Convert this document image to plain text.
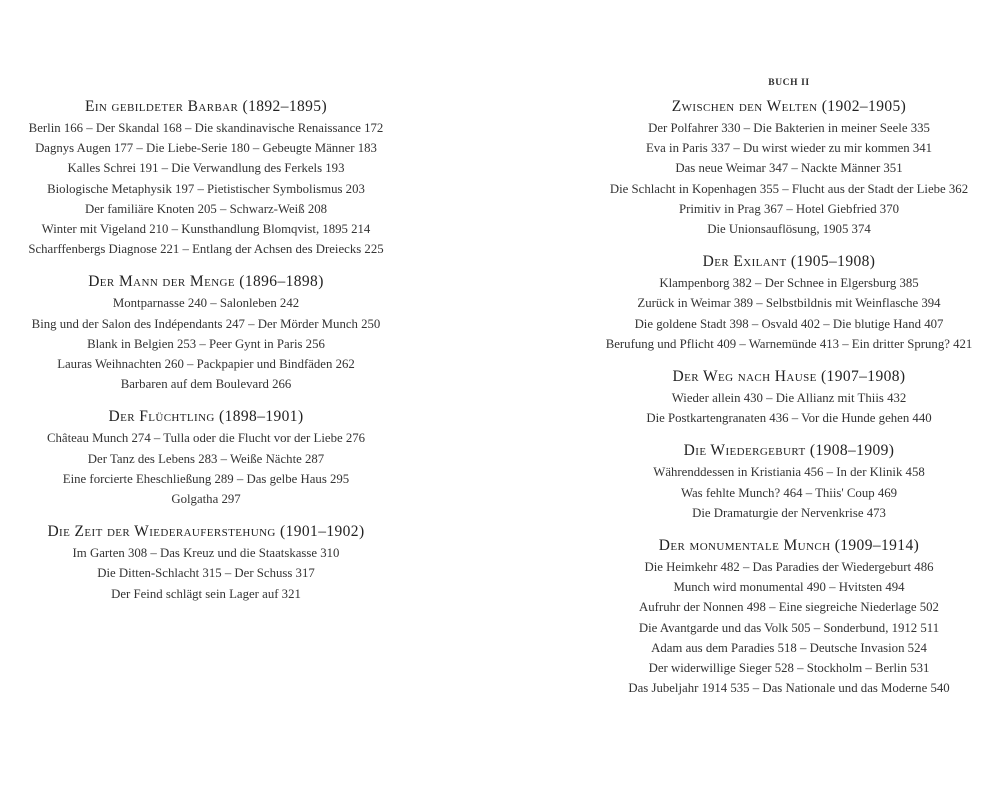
Ein gebildeter Barbar (1892–1895)
Berlin 166 – Der Skandal 168 – Die skandinavische Renaissance 172
Dagnys Augen 177 – Die Liebe-Serie 180 – Gebeugte Männer 183
Kalles Schrei 191 – Die Verwandlung des Ferkels 193
Biologische Metaphysik 197 – Pietistischer Symbolismus 203
Der familiäre Knoten 205 – Schwarz-Weiß 208
Winter mit Vigeland 210 – Kunsthandlung Blomqvist, 1895 214
Scharffenbergs Diagnose 221 – Entlang der Achsen des Dreiecks 225
Der Mann der Menge (1896–1898)
Montparnasse 240 – Salonleben 242
Bing und der Salon des Indépendants 247 – Der Mörder Munch 250
Blank in Belgien 253 – Peer Gynt in Paris 256
Lauras Weihnachten 260 – Packpapier und Bindfäden 262
Barbaren auf dem Boulevard 266
Der Flüchtling (1898–1901)
Château Munch 274 – Tulla oder die Flucht vor der Liebe 276
Der Tanz des Lebens 283 – Weiße Nächte 287
Eine forcierte Eheschließung 289 – Das gelbe Haus 295
Golgatha 297
Die Zeit der Wiederauferstehung (1901–1902)
Im Garten 308 – Das Kreuz und die Staatskasse 310
Die Ditten-Schlacht 315 – Der Schuss 317
Der Feind schlägt sein Lager auf 321
BUCH II
Zwischen den Welten (1902–1905)
Der Polfahrer 330 – Die Bakterien in meiner Seele 335
Eva in Paris 337 – Du wirst wieder zu mir kommen 341
Das neue Weimar 347 – Nackte Männer 351
Die Schlacht in Kopenhagen 355 – Flucht aus der Stadt der Liebe 362
Primitiv in Prag 367 – Hotel Giebfried 370
Die Unionsauflösung, 1905 374
Der Exilant (1905–1908)
Klampenborg 382 – Der Schnee in Elgersburg 385
Zurück in Weimar 389 – Selbstbildnis mit Weinflasche 394
Die goldene Stadt 398 – Osvald 402 – Die blutige Hand 407
Berufung und Pflicht 409 – Warnemünde 413 – Ein dritter Sprung? 421
Der Weg nach Hause (1907–1908)
Wieder allein 430 – Die Allianz mit Thiis 432
Die Postkartengranaten 436 – Vor die Hunde gehen 440
Die Wiedergeburt (1908–1909)
Währenddessen in Kristiania 456 – In der Klinik 458
Was fehlte Munch? 464 – Thiis' Coup 469
Die Dramaturgie der Nervenkrise 473
Der monumentale Munch (1909–1914)
Die Heimkehr 482 – Das Paradies der Wiedergeburt 486
Munch wird monumental 490 – Hvitsten 494
Aufruhr der Nonnen 498 – Eine siegreiche Niederlage 502
Die Avantgarde und das Volk 505 – Sonderbund, 1912 511
Adam aus dem Paradies 518 – Deutsche Invasion 524
Der widerwillige Sieger 528 – Stockholm – Berlin 531
Das Jubeljahr 1914 535 – Das Nationale und das Moderne 540
